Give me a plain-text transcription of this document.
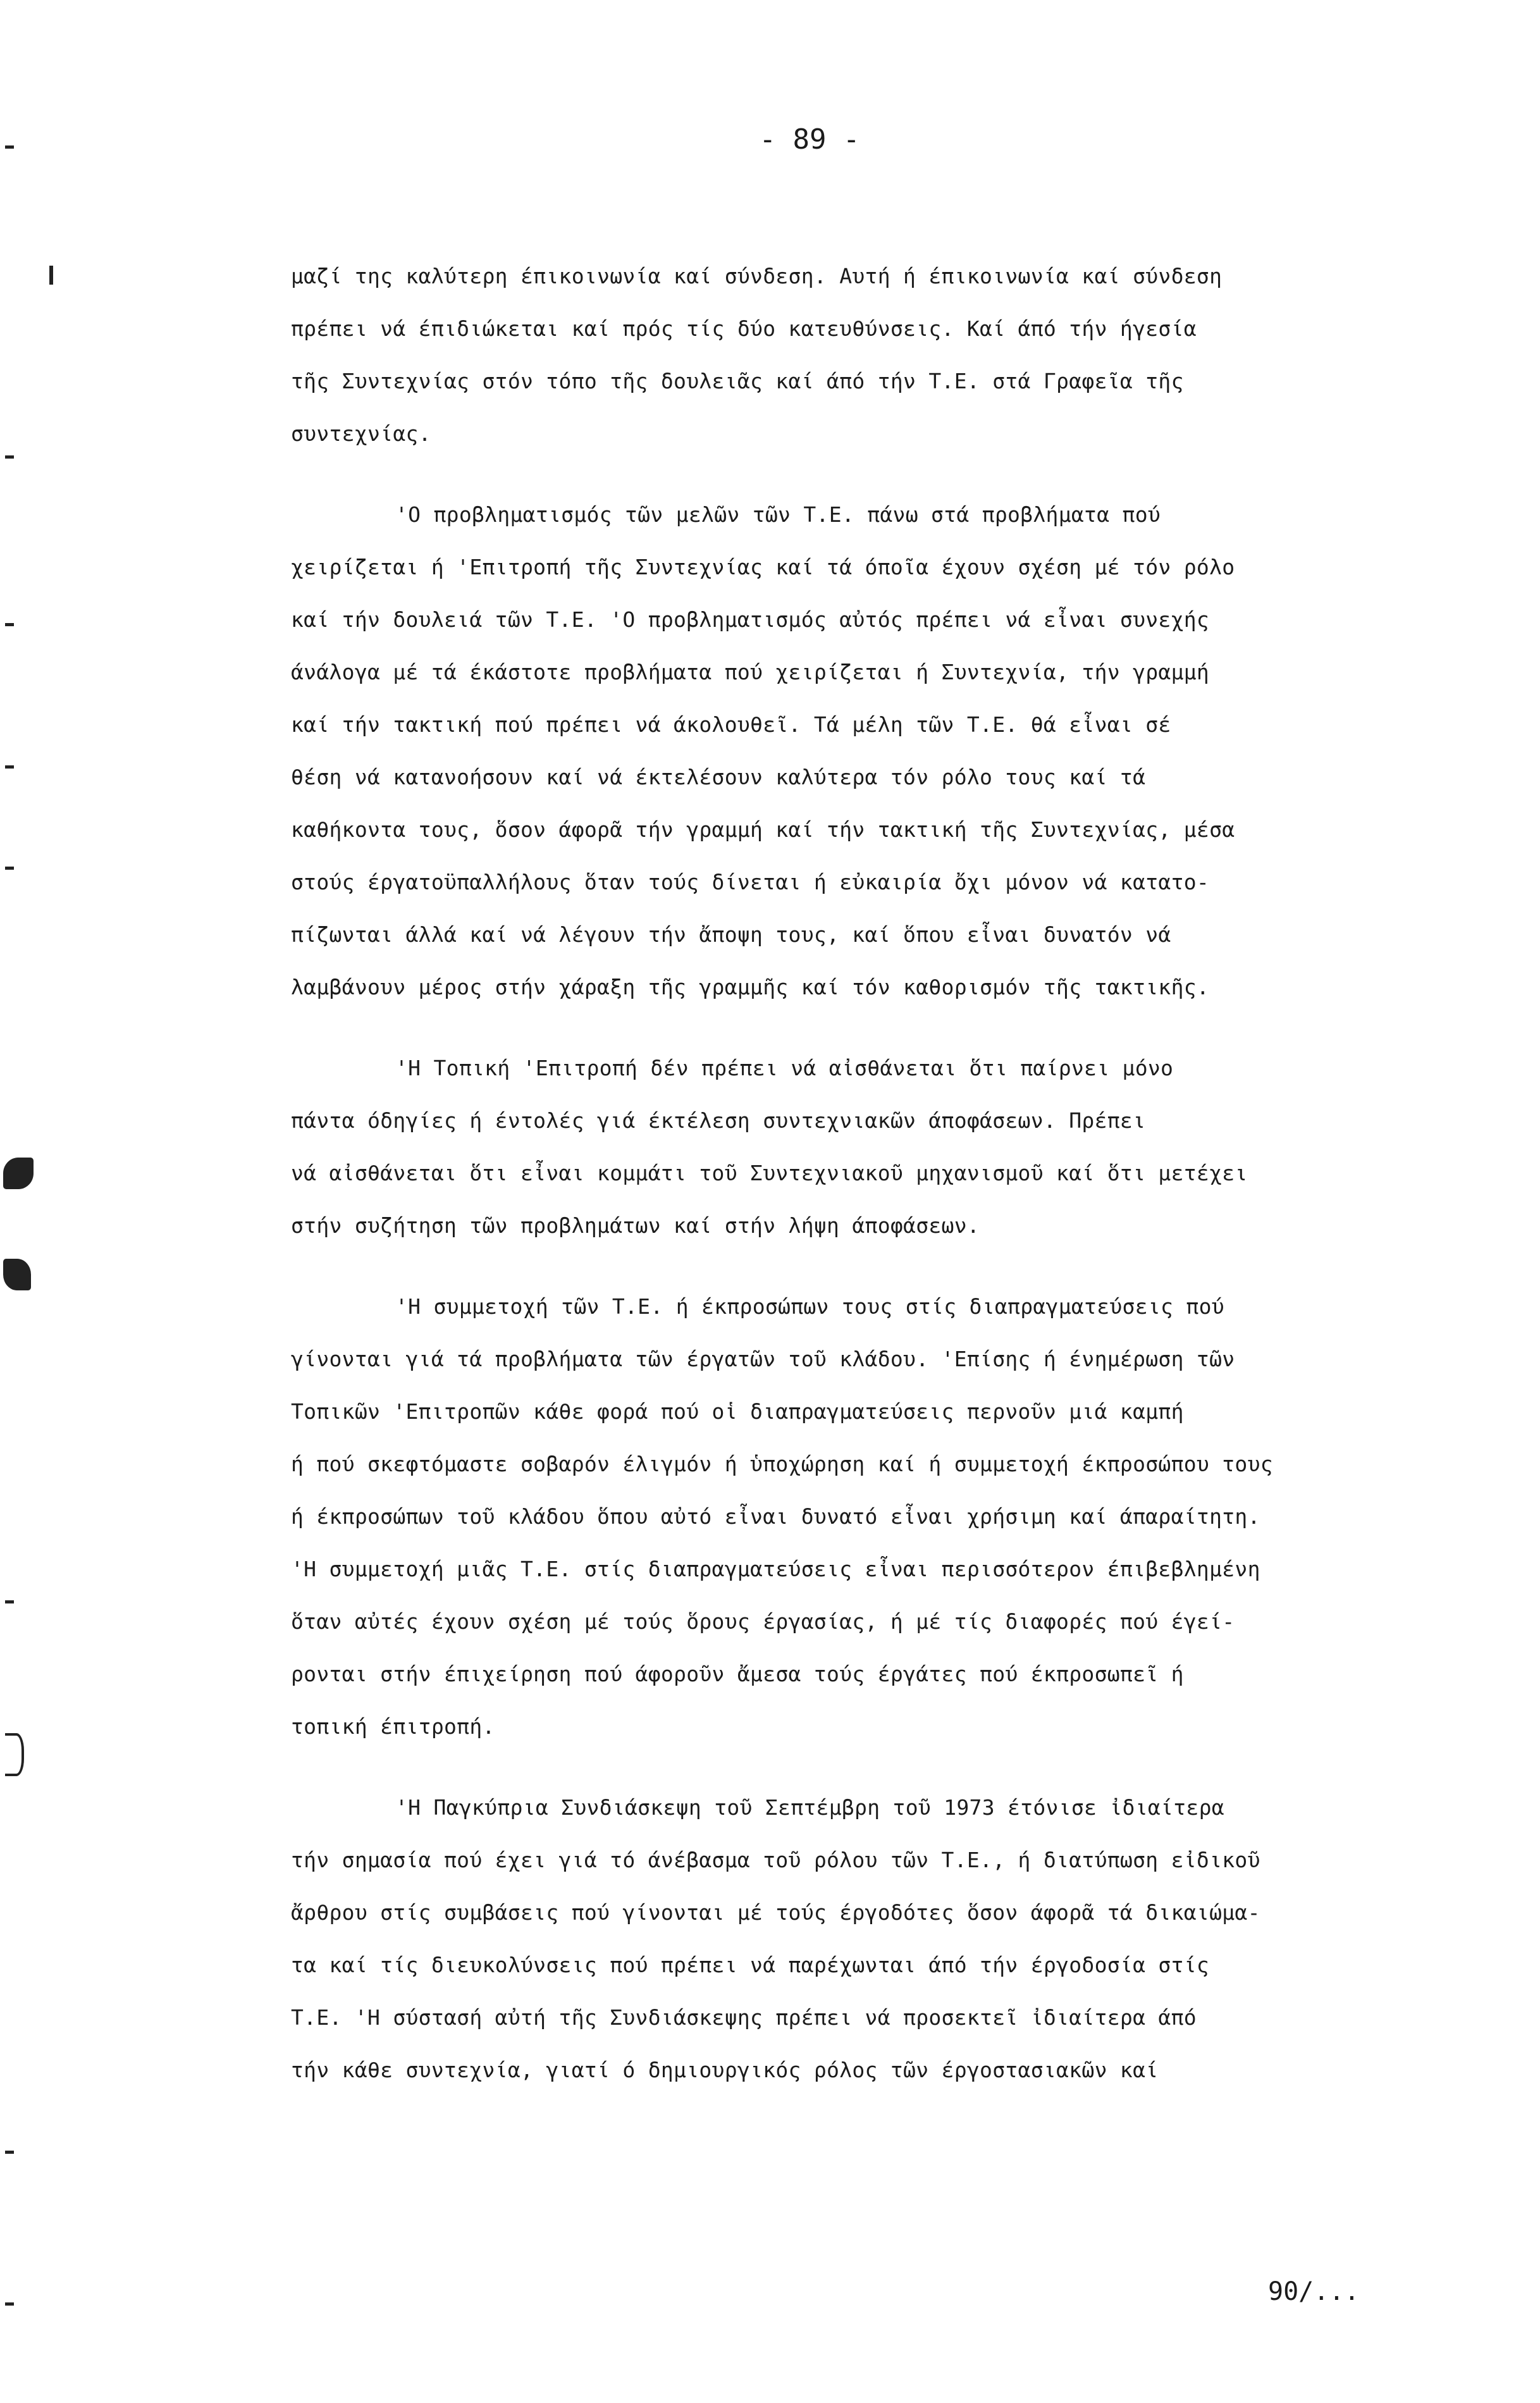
- 89 -
μαζί της καλύτερη έπικοινωνία καί σύνδεση. Αυτή ή έπικοινωνία καί σύνδεση
πρέπει νά έπιδιώκεται καί πρός τίς δύο κατευθύνσεις. Καί άπό τήν ήγεσία
τῆς Συντεχνίας στόν τόπο τῆς δουλειᾶς καί άπό τήν Τ.Ε. στά Γραφεῖα τῆς
συντεχνίας.
'Ο προβληματισμός τῶν μελῶν τῶν Τ.Ε. πάνω στά προβλήματα πού
χειρίζεται ή 'Επιτροπή τῆς Συντεχνίας καί τά όποῖα έχουν σχέση μέ τόν ρόλο
καί τήν δουλειά τῶν Τ.Ε. 'Ο προβληματισμός αὐτός πρέπει νά εἶναι συνεχής
άνάλογα μέ τά έκάστοτε προβλήματα πού χειρίζεται ή Συντεχνία, τήν γραμμή
καί τήν τακτική πού πρέπει νά άκολουθεῖ. Τά μέλη τῶν Τ.Ε. θά εἶναι σέ
θέση νά κατανοήσουν καί νά έκτελέσουν καλύτερα τόν ρόλο τους καί τά
καθήκοντα τους, ὅσον άφορᾶ τήν γραμμή καί τήν τακτική τῆς Συντεχνίας, μέσα
στούς έργατοϋπαλλήλους ὅταν τούς δίνεται ή εὐκαιρία ὄχι μόνον νά κατατο-
πίζωνται άλλά καί νά λέγουν τήν ἄποψη τους, καί ὅπου εἶναι δυνατόν νά
λαμβάνουν μέρος στήν χάραξη τῆς γραμμῆς καί τόν καθορισμόν τῆς τακτικῆς.
'Η Τοπική 'Επιτροπή δέν πρέπει νά αἰσθάνεται ὅτι παίρνει μόνο
πάντα όδηγίες ή έντολές γιά έκτέλεση συντεχνιακῶν άποφάσεων. Πρέπει
νά αἰσθάνεται ὅτι εἶναι κομμάτι τοῦ Συντεχνιακοῦ μηχανισμοῦ καί ὅτι μετέχει
στήν συζήτηση τῶν προβλημάτων καί στήν λήψη άποφάσεων.
'Η συμμετοχή τῶν Τ.Ε. ή έκπροσώπων τους στίς διαπραγματεύσεις πού
γίνονται γιά τά προβλήματα τῶν έργατῶν τοῦ κλάδου. 'Επίσης ή ένημέρωση τῶν
Τοπικῶν 'Επιτροπῶν κάθε φορά πού οἱ διαπραγματεύσεις περνοῦν μιά καμπή
ή πού σκεφτόμαστε σοβαρόν έλιγμόν ή ὑποχώρηση καί ή συμμετοχή έκπροσώπου τους
ή έκπροσώπων τοῦ κλάδου ὅπου αὐτό εἶναι δυνατό εἶναι χρήσιμη καί άπαραίτητη.
'Η συμμετοχή μιᾶς Τ.Ε. στίς διαπραγματεύσεις εἶναι περισσότερον έπιβεβλημένη
ὅταν αὐτές έχουν σχέση μέ τούς ὅρους έργασίας, ή μέ τίς διαφορές πού έγεί-
ρονται στήν έπιχείρηση πού άφοροῦν ἄμεσα τούς έργάτες πού έκπροσωπεῖ ή
τοπική έπιτροπή.
'Η Παγκύπρια Συνδιάσκεψη τοῦ Σεπτέμβρη τοῦ 1973 έτόνισε ἰδιαίτερα
τήν σημασία πού έχει γιά τό άνέβασμα τοῦ ρόλου τῶν Τ.Ε., ή διατύπωση εἰδικοῦ
ἄρθρου στίς συμβάσεις πού γίνονται μέ τούς έργοδότες ὅσον άφορᾶ τά δικαιώμα-
τα καί τίς διευκολύνσεις πού πρέπει νά παρέχωνται άπό τήν έργοδοσία στίς
Τ.Ε. 'Η σύστασή αὐτή τῆς Συνδιάσκεψης πρέπει νά προσεκτεῖ ἰδιαίτερα άπό
τήν κάθε συντεχνία, γιατί ό δημιουργικός ρόλος τῶν έργοστασιακῶν καί
90/...
